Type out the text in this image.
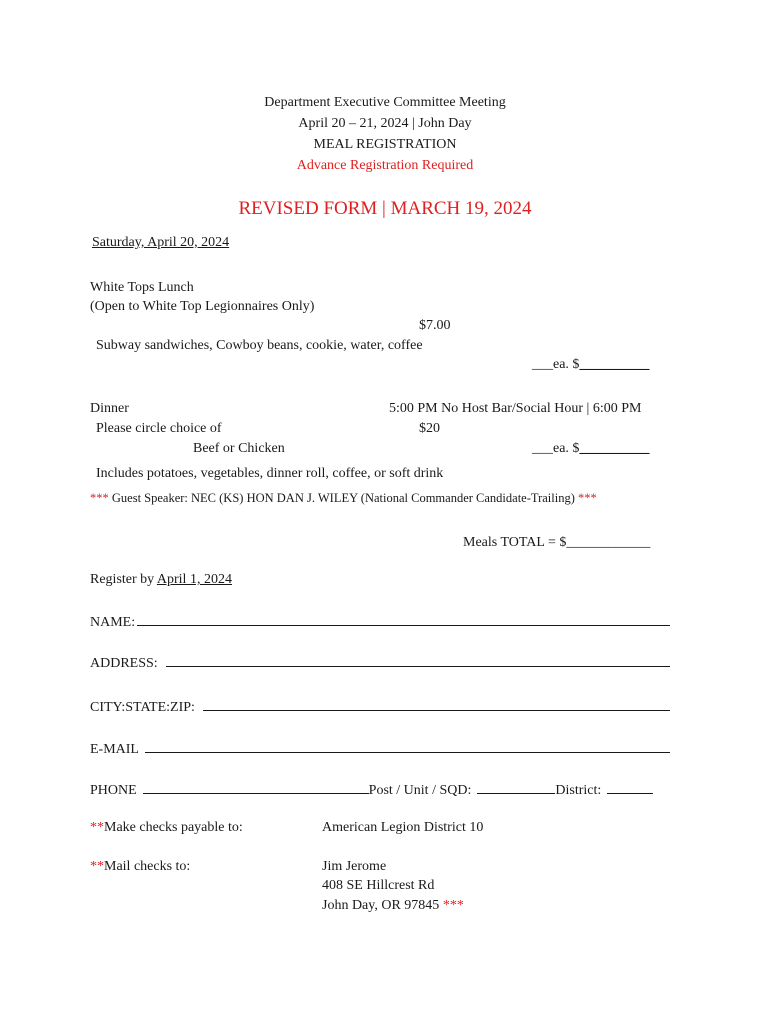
Department Executive Committee Meeting
April 20 – 21, 2024 | John Day
MEAL REGISTRATION
Advance Registration Required
REVISED FORM | MARCH 19, 2024
Saturday, April 20, 2024
White Tops Lunch
(Open to White Top Legionnaires Only)
$7.00
Subway sandwiches, Cowboy beans, cookie, water, coffee
___ea. $__________
Dinner	5:00 PM No Host Bar/Social Hour | 6:00 PM
Please circle choice of	$20
Beef or Chicken	___ea. $__________
Includes potatoes, vegetables, dinner roll, coffee, or soft drink
*** Guest Speaker: NEC (KS) HON DAN J. WILEY (National Commander Candidate-Trailing) ***
Meals TOTAL = $____________
Register by April 1, 2024
NAME:
ADDRESS:
CITY:STATE:ZIP:
E-MAIL
PHONE	Post / Unit / SQD:	District:
**Make checks payable to:	American Legion District 10
**Mail checks to:	Jim Jerome
408 SE Hillcrest Rd
John Day, OR 97845 ***
